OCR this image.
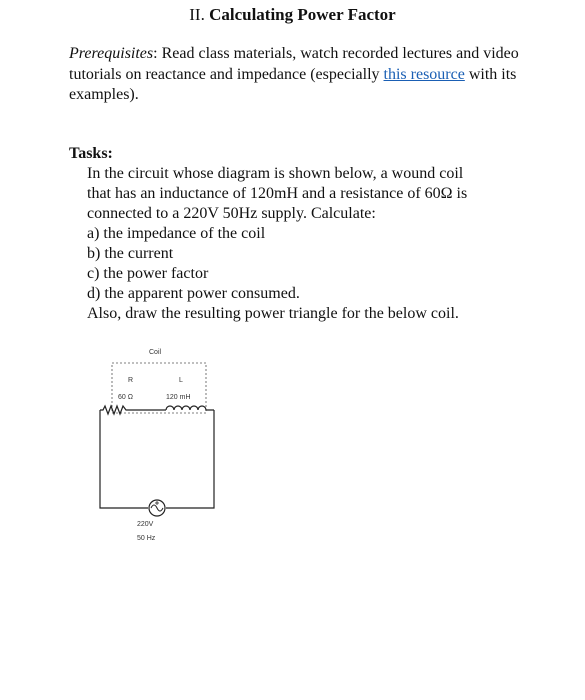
II. Calculating Power Factor
Prerequisites: Read class materials, watch recorded lectures and video tutorials on reactance and impedance (especially this resource with its examples).
Tasks:
In the circuit whose diagram is shown below, a wound coil
that has an inductance of 120mH and a resistance of 60Ω is
connected to a 220V 50Hz supply. Calculate:
a) the impedance of the coil
b) the current
c) the power factor
d) the apparent power consumed.
Also, draw the resulting power triangle for the below coil.
Coil
R
60 Ω
L
120 mH
220V
50 Hz
